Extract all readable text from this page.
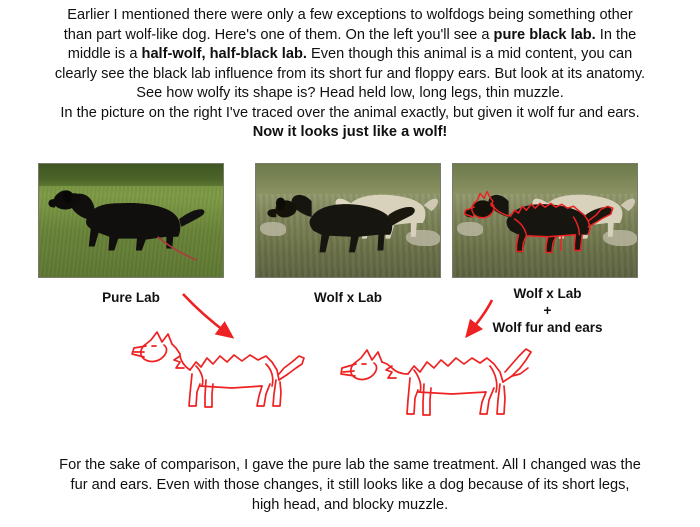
Earlier I mentioned there were only a few exceptions to wolfdogs being something other

than part wolf-like dog. Here's one of them. On the left you'll see a pure black lab. In the

middle is a half-wolf, half-black lab. Even though this animal is a mid content, you can

clearly see the black lab influence from its short fur and floppy ears. But look at its anatomy.

See how wolfy its shape is? Head held low, long legs, thin muzzle.

In the picture on the right I've traced over the animal exactly, but given it wolf fur and ears.

Now it looks just like a wolf!

Pure Lab	Wolf x Lab	Wolf x Lab
+
Wolf fur and ears

For the sake of comparison, I gave the pure lab the same treatment. All I changed was the

fur and ears. Even with those changes, it still looks like a dog because of its short legs,

high head, and blocky muzzle.
